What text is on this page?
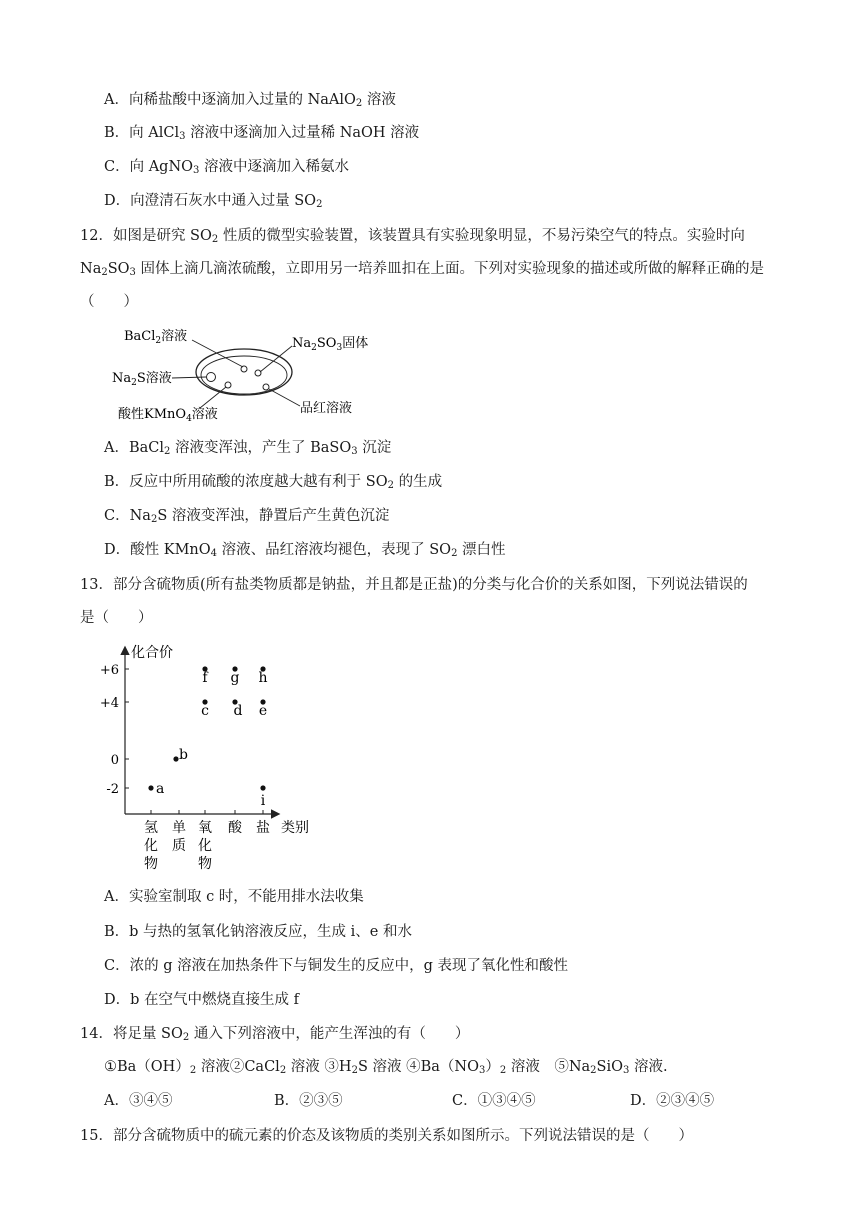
A．向稀盐酸中逐滴加入过量的 NaAlO$_2$ 溶液
B．向 AlCl$_3$ 溶液中逐滴加入过量稀 NaOH 溶液
C．向 AgNO$_3$ 溶液中逐滴加入稀氨水
D．向澄清石灰水中通入过量 $SO_2$
12．如图是研究 $SO_2$ 性质的微型实验装置，该装置具有实验现象明显，不易污染空气的特点。实验时向
$Na_2SO_3$ 固体上滴几滴浓硫酸，立即用另一培养皿扣在上面。下列对实验现象的描述或所做的解释正确的是
（　　）
BaCl$_2$溶液	$Na_2SO_3$固体
$Na_2S$溶液
酸性KMnO$_4$溶液	品红溶液
A．BaCl$_2$ 溶液变浑浊，产生了 BaSO$_3$ 沉淀
B．反应中所用硫酸的浓度越大越有利于 $SO_2$ 的生成
C．$Na_2S$ 溶液变浑浊，静置后产生黄色沉淀
D．酸性 KMnO$_4$ 溶液、品红溶液均褪色，表现了 $SO_2$ 漂白性
13．部分含硫物质(所有盐类物质都是钠盐，并且都是正盐)的分类与化合价的关系如图，下列说法错误的
是（　　）
化合价
类别
+6
+4
0
-2
氢化物
单质
氧化物
酸 盐
a
b
c
f
d
g
e
h
i
A．实验室制取 c 时，不能用排水法收集
B．b 与热的氢氧化钠溶液反应，生成 i、e 和水
C．浓的 g 溶液在加热条件下与铜发生的反应中，g 表现了氧化性和酸性
D．b 在空气中燃烧直接生成 f
14．将足量 $SO_2$ 通入下列溶液中，能产生浑浊的有（　　）
$①Ba(OH)_2$ 溶液②CaCl$_2$ 溶液 $③H_2S$ 溶液 $④Ba(NO_3)_2$ 溶液　$⑤Na_2SiO_3$ 溶液.
A．③④⑤	B．②③⑤	C．①③④⑤	D．②③④⑤
15．部分含硫物质中的硫元素的价态及该物质的类别关系如图所示。下列说法错误的是（　　）
